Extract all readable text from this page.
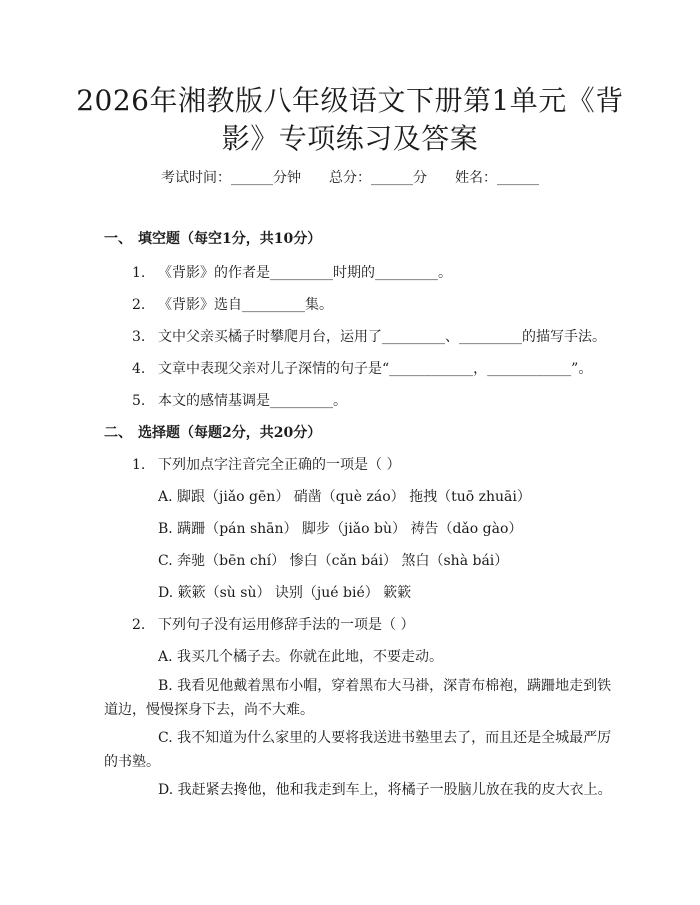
2026年湘教版八年级语文下册第1单元《背
影》专项练习及答案
考试时间：______分钟　　总分：______分　　姓名：______
一、 填空题（每空1分，共10分）
1. 《背影》的作者是_________时期的_________。
2. 《背影》选自_________集。
3. 文中父亲买橘子时攀爬月台，运用了_________、_________的描写手法。
4. 文章中表现父亲对儿子深情的句子是“____________，____________”。
5. 本文的感情基调是_________。
二、 选择题（每题2分，共20分）
1. 下列加点字注音完全正确的一项是（ ）
A. 脚跟（jiǎo gēn） 硝凿（què záo） 拖拽（tuō zhuāi）
B. 蹒跚（pán shān） 脚步（jiǎo bù） 祷告（dǎo gào）
C. 奔驰（bēn chí） 惨白（cǎn bái） 煞白（shà bái）
D. 簌簌（sù sù） 诀别（jué bié） 簌簌
2. 下列句子没有运用修辞手法的一项是（ ）
A. 我买几个橘子去。你就在此地，不要走动。
B. 我看见他戴着黑布小帽，穿着黑布大马褂，深青布棉袍，蹒跚地走到铁道边，慢慢探身下去，尚不大难。
C. 我不知道为什么家里的人要将我送进书塾里去了，而且还是全城最严厉的书塾。
D. 我赶紧去搀他，他和我走到车上，将橘子一股脑儿放在我的皮大衣上。
